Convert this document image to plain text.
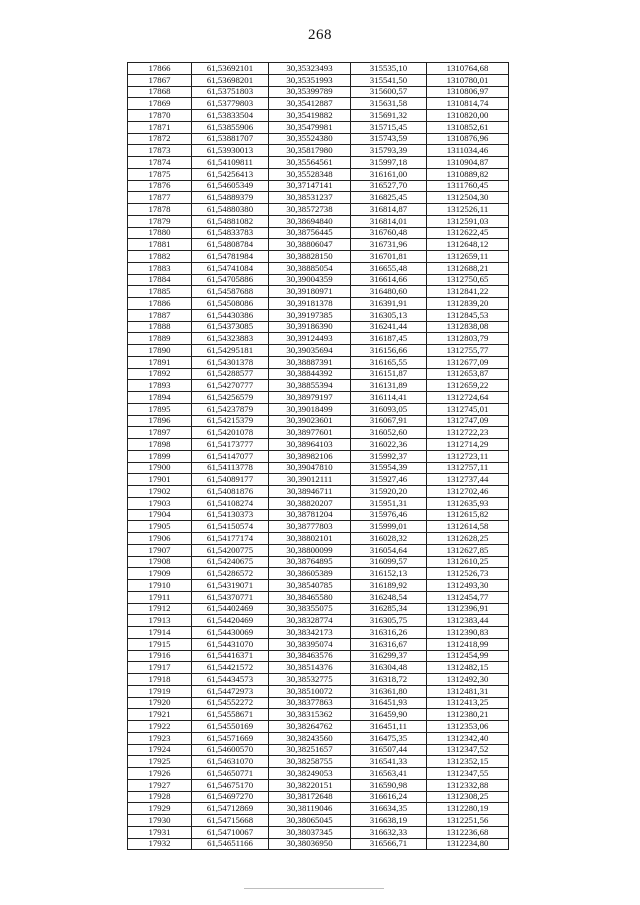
268
17866	61,53692101	30,35323493	315535,10	1310764,68
17867	61,53698201	30,35351993	315541,50	1310780,01
17868	61,53751803	30,35399789	315600,57	1310806,97
17869	61,53779803	30,35412887	315631,58	1310814,74
17870	61,53833504	30,35419882	315691,32	1310820,00
17871	61,53855906	30,35479981	315715,45	1310852,61
17872	61,53881707	30,35524380	315743,59	1310876,96
17873	61,53930013	30,35817980	315793,39	1311034,46
17874	61,54109811	30,35564561	315997,18	1310904,87
17875	61,54256413	30,35528348	316161,00	1310889,82
17876	61,54605349	30,37147141	316527,70	1311760,45
17877	61,54889379	30,38531237	316825,45	1312504,30
17878	61,54880380	30,38572738	316814,87	1312526,11
17879	61,54881082	30,38694840	316814,01	1312591,03
17880	61,54833783	30,38756445	316760,48	1312622,45
17881	61,54808784	30,38806047	316731,96	1312648,12
17882	61,54781984	30,38828150	316701,81	1312659,11
17883	61,54741084	30,38885054	316655,48	1312688,21
17884	61,54705886	30,39004359	316614,66	1312750,65
17885	61,54587688	30,39180971	316480,60	1312841,22
17886	61,54508086	30,39181378	316391,91	1312839,20
17887	61,54430386	30,39197385	316305,13	1312845,53
17888	61,54373085	30,39186390	316241,44	1312838,08
17889	61,54323883	30,39124493	316187,45	1312803,79
17890	61,54295181	30,39035694	316156,66	1312755,77
17891	61,54301378	30,38887391	316165,55	1312677,09
17892	61,54288577	30,38844392	316151,87	1312653,87
17893	61,54270777	30,38855394	316131,89	1312659,22
17894	61,54256579	30,38979197	316114,41	1312724,64
17895	61,54237879	30,39018499	316093,05	1312745,01
17896	61,54215379	30,39023601	316067,91	1312747,09
17897	61,54201078	30,38977601	316052,60	1312722,23
17898	61,54173777	30,38964103	316022,36	1312714,29
17899	61,54147077	30,38982106	315992,37	1312723,11
17900	61,54113778	30,39047810	315954,39	1312757,11
17901	61,54089177	30,39012111	315927,46	1312737,44
17902	61,54081876	30,38946711	315920,20	1312702,46
17903	61,54108274	30,38820207	315951,31	1312635,93
17904	61,54130373	30,38781204	315976,46	1312615,82
17905	61,54150574	30,38777803	315999,01	1312614,58
17906	61,54177174	30,38802101	316028,32	1312628,25
17907	61,54200775	30,38800099	316054,64	1312627,85
17908	61,54240675	30,38764895	316099,57	1312610,25
17909	61,54286572	30,38605389	316152,13	1312526,73
17910	61,54319071	30,38540785	316189,92	1312493,30
17911	61,54370771	30,38465580	316248,54	1312454,77
17912	61,54402469	30,38355075	316285,34	1312396,91
17913	61,54420469	30,38328774	316305,75	1312383,44
17914	61,54430069	30,38342173	316316,26	1312390,83
17915	61,54431070	30,38395074	316316,67	1312418,99
17916	61,54416371	30,38463576	316299,37	1312454,99
17917	61,54421572	30,38514376	316304,48	1312482,15
17918	61,54434573	30,38532775	316318,72	1312492,30
17919	61,54472973	30,38510072	316361,80	1312481,31
17920	61,54552272	30,38377863	316451,93	1312413,25
17921	61,54558671	30,38315362	316459,90	1312380,21
17922	61,54550169	30,38264762	316451,11	1312353,06
17923	61,54571669	30,38243560	316475,35	1312342,40
17924	61,54600570	30,38251657	316507,44	1312347,52
17925	61,54631070	30,38258755	316541,33	1312352,15
17926	61,54650771	30,38249053	316563,41	1312347,55
17927	61,54675170	30,38220151	316590,98	1312332,88
17928	61,54697270	30,38172648	316616,24	1312308,25
17929	61,54712869	30,38119046	316634,35	1312280,19
17930	61,54715668	30,38065045	316638,19	1312251,56
17931	61,54710067	30,38037345	316632,33	1312236,68
17932	61,54651166	30,38036950	316566,71	1312234,80
